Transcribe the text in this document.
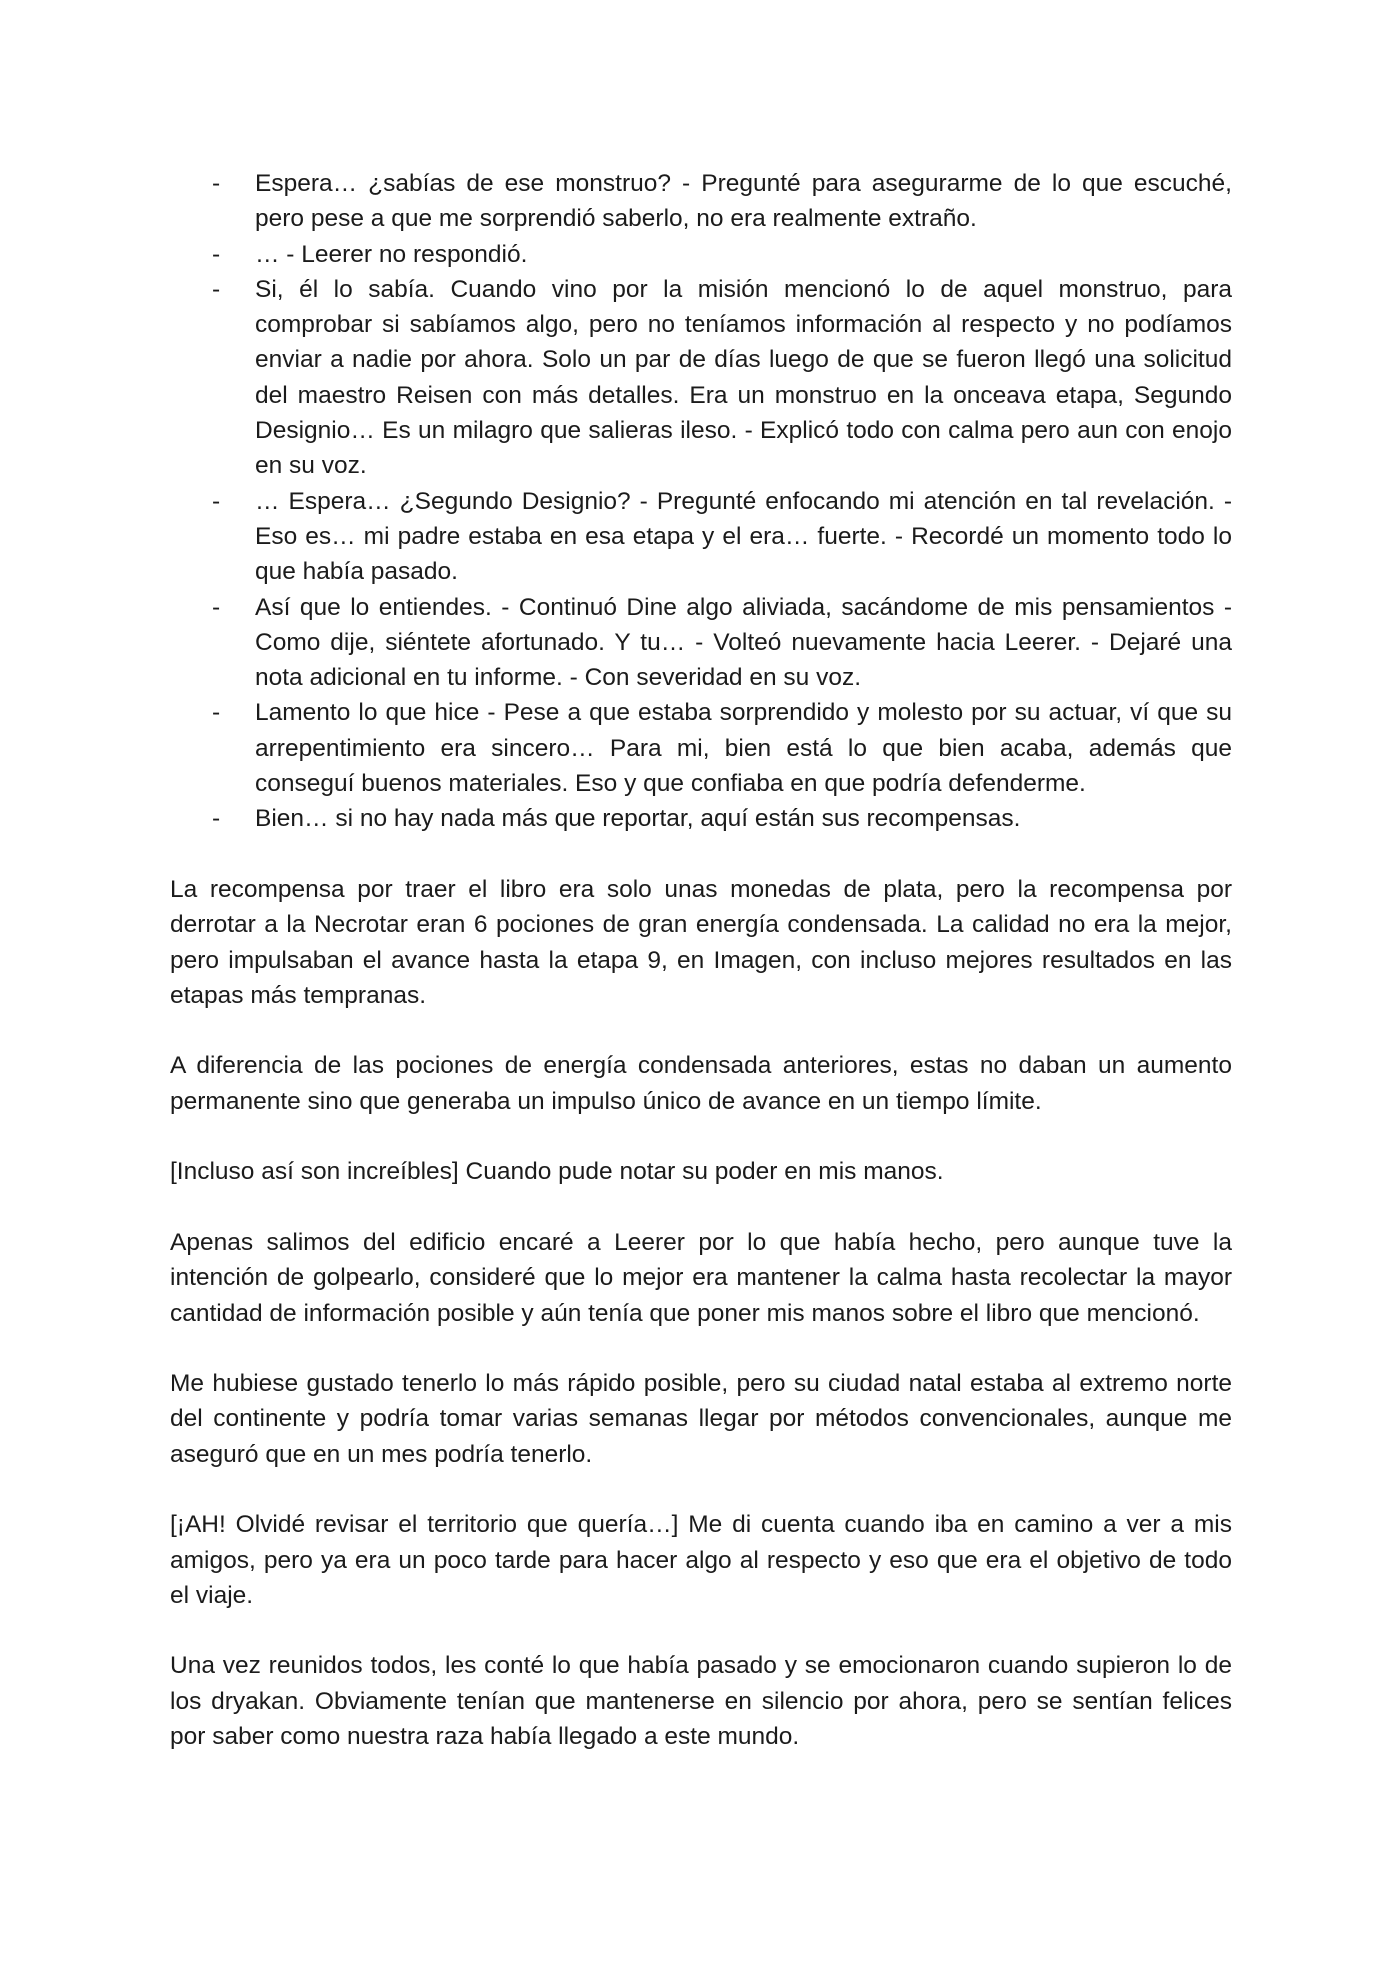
- Espera… ¿sabías de ese monstruo? - Pregunté para asegurarme de lo que escuché, pero pese a que me sorprendió saberlo, no era realmente extraño.
- … - Leerer no respondió.
- Si, él lo sabía. Cuando vino por la misión mencionó lo de aquel monstruo, para comprobar si sabíamos algo, pero no teníamos información al respecto y no podíamos enviar a nadie por ahora. Solo un par de días luego de que se fueron llegó una solicitud del maestro Reisen con más detalles. Era un monstruo en la onceava etapa, Segundo Designio… Es un milagro que salieras ileso. - Explicó todo con calma pero aun con enojo en su voz.
- … Espera… ¿Segundo Designio? - Pregunté enfocando mi atención en tal revelación. - Eso es… mi padre estaba en esa etapa y el era… fuerte. - Recordé un momento todo lo que había pasado.
- Así que lo entiendes. - Continuó Dine algo aliviada, sacándome de mis pensamientos - Como dije, siéntete afortunado. Y tu… - Volteó nuevamente hacia Leerer. - Dejaré una nota adicional en tu informe. - Con severidad en su voz.
- Lamento lo que hice - Pese a que estaba sorprendido y molesto por su actuar, ví que su arrepentimiento era sincero… Para mi, bien está lo que bien acaba, además que conseguí buenos materiales. Eso y que confiaba en que podría defenderme.
- Bien… si no hay nada más que reportar, aquí están sus recompensas.

La recompensa por traer el libro era solo unas monedas de plata, pero la recompensa por derrotar a la Necrotar eran 6 pociones de gran energía condensada. La calidad no era la mejor, pero impulsaban el avance hasta la etapa 9, en Imagen, con incluso mejores resultados en las etapas más tempranas.

A diferencia de las pociones de energía condensada anteriores, estas no daban un aumento permanente sino que generaba un impulso único de avance en un tiempo límite.

[Incluso así son increíbles] Cuando pude notar su poder en mis manos.

Apenas salimos del edificio encaré a Leerer por lo que había hecho, pero aunque tuve la intención de golpearlo, consideré que lo mejor era mantener la calma hasta recolectar la mayor cantidad de información posible y aún tenía que poner mis manos sobre el libro que mencionó.

Me hubiese gustado tenerlo lo más rápido posible, pero su ciudad natal estaba al extremo norte del continente y podría tomar varias semanas llegar por métodos convencionales, aunque me aseguró que en un mes podría tenerlo.

[¡AH! Olvidé revisar el territorio que quería…] Me di cuenta cuando iba en camino a ver a mis amigos, pero ya era un poco tarde para hacer algo al respecto y eso que era el objetivo de todo el viaje.

Una vez reunidos todos, les conté lo que había pasado y se emocionaron cuando supieron lo de los dryakan. Obviamente tenían que mantenerse en silencio por ahora, pero se sentían felices por saber como nuestra raza había llegado a este mundo.
